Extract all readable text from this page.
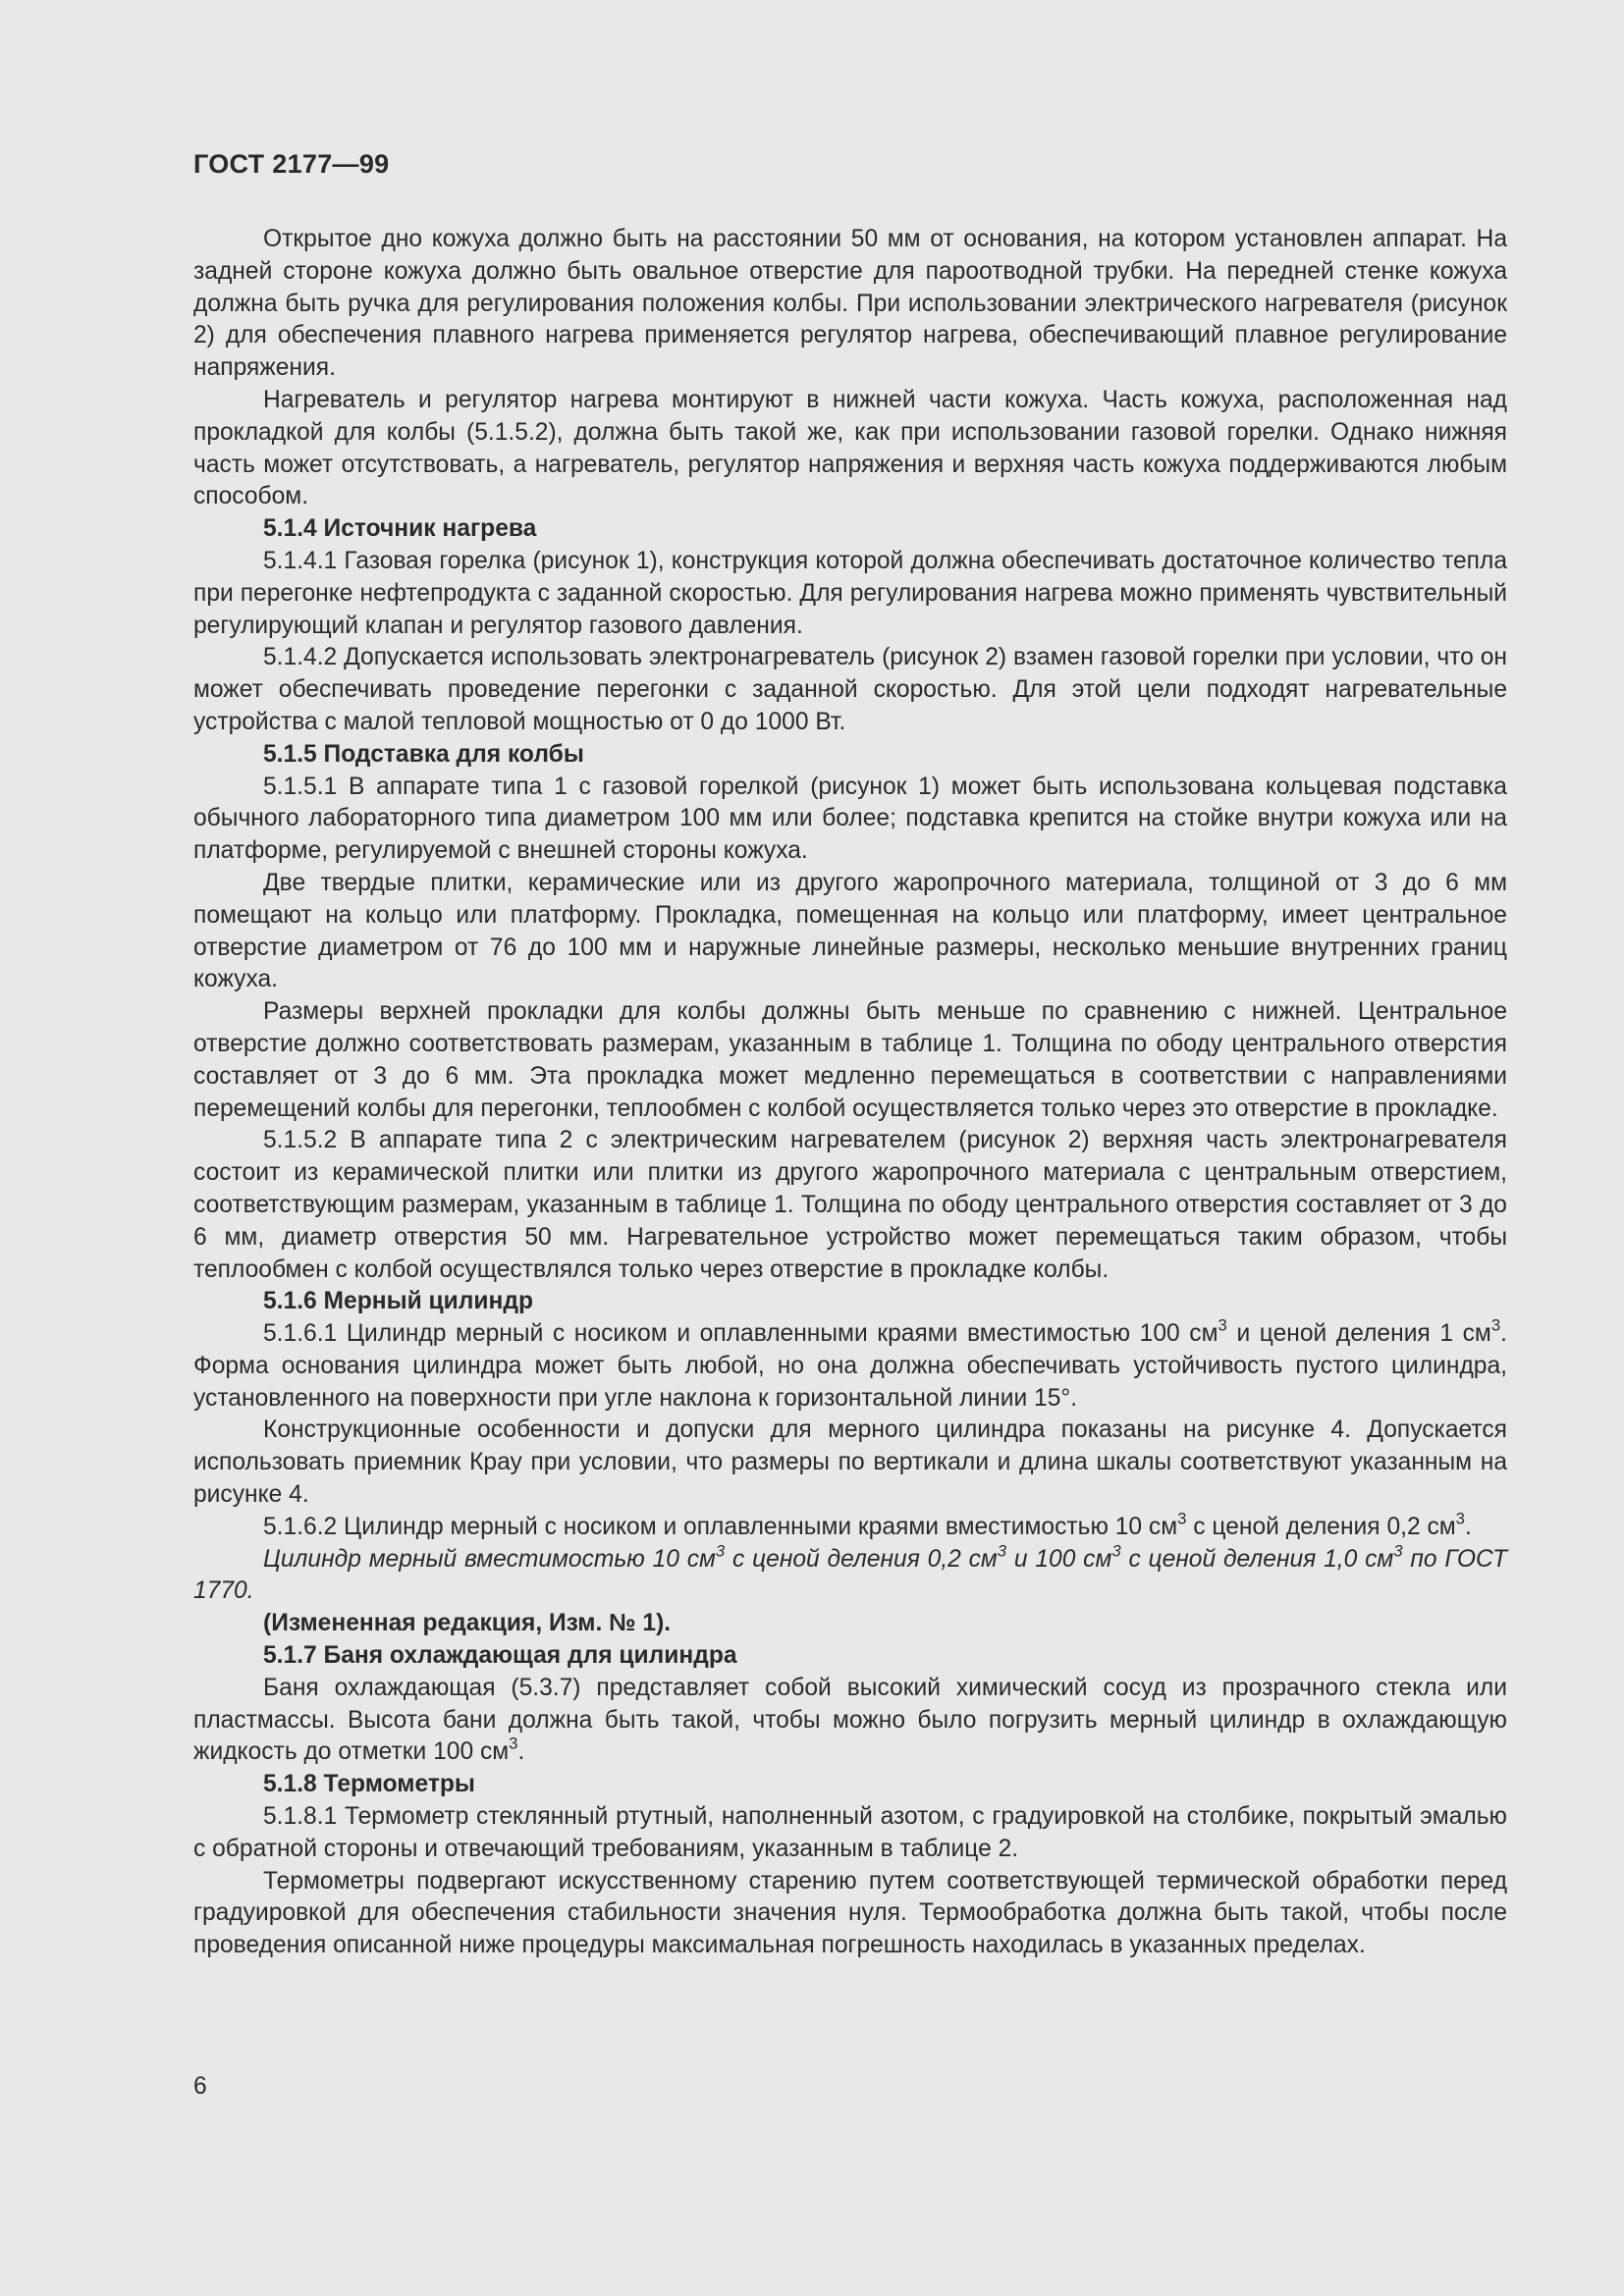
ГОСТ 2177—99

Открытое дно кожуха должно быть на расстоянии 50 мм от основания, на котором установлен аппарат. На задней стороне кожуха должно быть овальное отверстие для пароотводной трубки. На передней стенке кожуха должна быть ручка для регулирования положения колбы. При использовании электрического нагревателя (рисунок 2) для обеспечения плавного нагрева применяется регулятор нагрева, обеспечивающий плавное регулирование напряжения.

Нагреватель и регулятор нагрева монтируют в нижней части кожуха. Часть кожуха, расположенная над прокладкой для колбы (5.1.5.2), должна быть такой же, как при использовании газовой горелки. Однако нижняя часть может отсутствовать, а нагреватель, регулятор напряжения и верхняя часть кожуха поддерживаются любым способом.

5.1.4 Источник нагрева

5.1.4.1 Газовая горелка (рисунок 1), конструкция которой должна обеспечивать достаточное количество тепла при перегонке нефтепродукта с заданной скоростью. Для регулирования нагрева можно применять чувствительный регулирующий клапан и регулятор газового давления.

5.1.4.2 Допускается использовать электронагреватель (рисунок 2) взамен газовой горелки при условии, что он может обеспечивать проведение перегонки с заданной скоростью. Для этой цели подходят нагревательные устройства с малой тепловой мощностью от 0 до 1000 Вт.

5.1.5 Подставка для колбы

5.1.5.1 В аппарате типа 1 с газовой горелкой (рисунок 1) может быть использована кольцевая подставка обычного лабораторного типа диаметром 100 мм или более; подставка крепится на стойке внутри кожуха или на платформе, регулируемой с внешней стороны кожуха.

Две твердые плитки, керамические или из другого жаропрочного материала, толщиной от 3 до 6 мм помещают на кольцо или платформу. Прокладка, помещенная на кольцо или платформу, имеет центральное отверстие диаметром от 76 до 100 мм и наружные линейные размеры, несколько меньшие внутренних границ кожуха.

Размеры верхней прокладки для колбы должны быть меньше по сравнению с нижней. Центральное отверстие должно соответствовать размерам, указанным в таблице 1. Толщина по ободу центрального отверстия составляет от 3 до 6 мм. Эта прокладка может медленно перемещаться в соответствии с направлениями перемещений колбы для перегонки, теплообмен с колбой осуществляется только через это отверстие в прокладке.

5.1.5.2 В аппарате типа 2 с электрическим нагревателем (рисунок 2) верхняя часть электронагревателя состоит из керамической плитки или плитки из другого жаропрочного материала с центральным отверстием, соответствующим размерам, указанным в таблице 1. Толщина по ободу центрального отверстия составляет от 3 до 6 мм, диаметр отверстия 50 мм. Нагревательное устройство может перемещаться таким образом, чтобы теплообмен с колбой осуществлялся только через отверстие в прокладке колбы.

5.1.6 Мерный цилиндр

5.1.6.1 Цилиндр мерный с носиком и оплавленными краями вместимостью 100 $см^3$ и ценой деления 1 $см^3$. Форма основания цилиндра может быть любой, но она должна обеспечивать устойчивость пустого цилиндра, установленного на поверхности при угле наклона к горизонтальной линии 15°.

Конструкционные особенности и допуски для мерного цилиндра показаны на рисунке 4. Допускается использовать приемник Крау при условии, что размеры по вертикали и длина шкалы соответствуют указанным на рисунке 4.

5.1.6.2 Цилиндр мерный с носиком и оплавленными краями вместимостью 10 $см^3$ с ценой деления 0,2 $см^3$.

Цилиндр мерный вместимостью 10 $см^3$ с ценой деления 0,2 $см^3$ и 100 $см^3$ с ценой деления 1,0 $см^3$ по ГОСТ 1770.

(Измененная редакция, Изм. № 1).

5.1.7 Баня охлаждающая для цилиндра

Баня охлаждающая (5.3.7) представляет собой высокий химический сосуд из прозрачного стекла или пластмассы. Высота бани должна быть такой, чтобы можно было погрузить мерный цилиндр в охлаждающую жидкость до отметки 100 $см^3$.

5.1.8 Термометры

5.1.8.1 Термометр стеклянный ртутный, наполненный азотом, с градуировкой на столбике, покрытый эмалью с обратной стороны и отвечающий требованиям, указанным в таблице 2.

Термометры подвергают искусственному старению путем соответствующей термической обработки перед градуировкой для обеспечения стабильности значения нуля. Термообработка должна быть такой, чтобы после проведения описанной ниже процедуры максимальная погрешность находилась в указанных пределах.

6
